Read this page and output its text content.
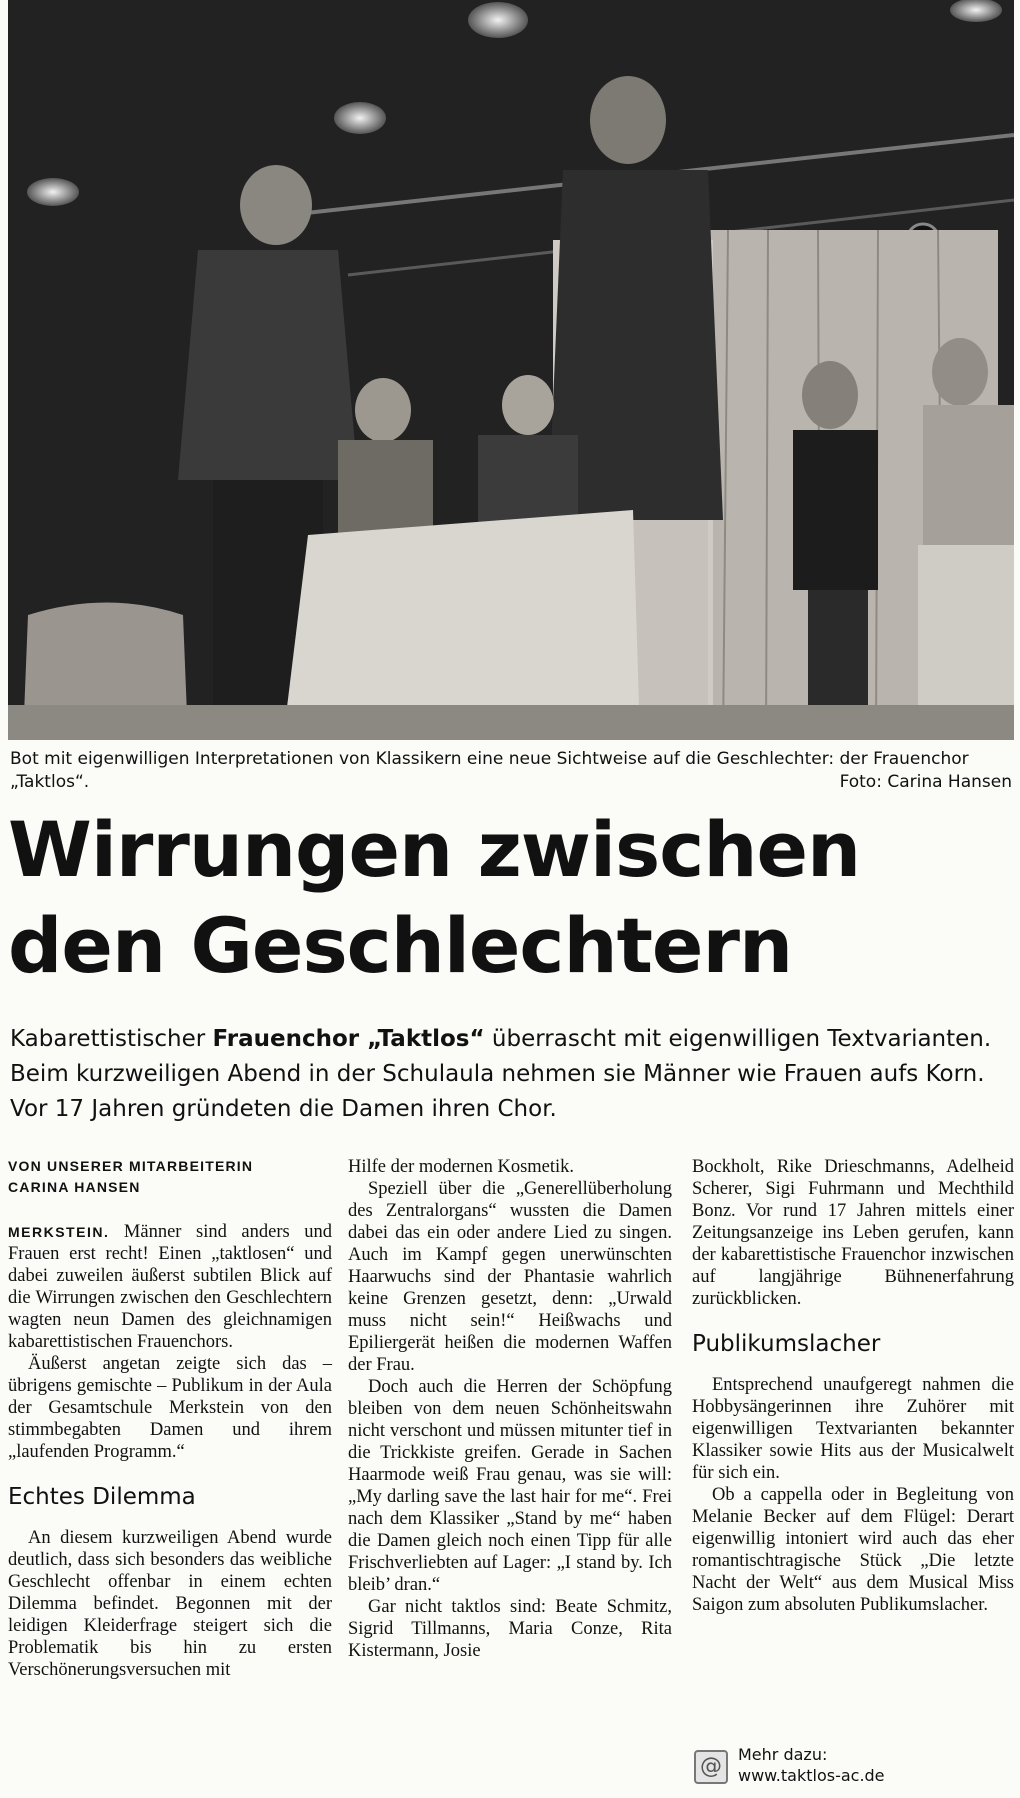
Bot mit eigenwilligen Interpretationen von Klassikern eine neue Sichtweise auf die Geschlechter: der Frauenchor „Taktlos“.	Foto: Carina Hansen
Wirrungen zwischen
den Geschlechtern
Kabarettistischer Frauenchor „Taktlos“ überrascht mit eigenwilligen Textvarianten. Beim kurzweiligen Abend in der Schulaula nehmen sie Männer wie Frauen aufs Korn. Vor 17 Jahren gründeten die Damen ihren Chor.
VON UNSERER MITARBEITERIN
CARINA HANSEN

MERKSTEIN. Männer sind anders und Frauen erst recht! Einen „taktlosen“ und dabei zuweilen äußerst subtilen Blick auf die Wirrungen zwischen den Geschlechtern wagten neun Damen des gleichnamigen kabarettistischen Frauenchors.

Äußerst angetan zeigte sich das – übrigens gemischte – Publikum in der Aula der Gesamtschule Merkstein von den stimmbegabten Damen und ihrem „laufenden Programm.“

Echtes Dilemma

An diesem kurzweiligen Abend wurde deutlich, dass sich besonders das weibliche Geschlecht offenbar in einem echten Dilemma befindet. Begonnen mit der leidigen Kleiderfrage steigert sich die Problematik bis hin zu ersten Verschönerungsversuchen mit

Hilfe der modernen Kosmetik.

Speziell über die „Generellüberholung des Zentralorgans“ wussten die Damen dabei das ein oder andere Lied zu singen. Auch im Kampf gegen unerwünschten Haarwuchs sind der Phantasie wahrlich keine Grenzen gesetzt, denn: „Urwald muss nicht sein!“ Heißwachs und Epiliergerät heißen die modernen Waffen der Frau.

Doch auch die Herren der Schöpfung bleiben von dem neuen Schönheitswahn nicht verschont und müssen mitunter tief in die Trickkiste greifen. Gerade in Sachen Haarmode weiß Frau genau, was sie will: „My darling save the last hair for me“. Frei nach dem Klassiker „Stand by me“ haben die Damen gleich noch einen Tipp für alle Frischverliebten auf Lager: „I stand by. Ich bleib’ dran.“

Gar nicht taktlos sind: Beate Schmitz, Sigrid Tillmanns, Maria Conze, Rita Kistermann, Josie

Bockholt, Rike Drieschmanns, Adelheid Scherer, Sigi Fuhrmann und Mechthild Bonz. Vor rund 17 Jahren mittels einer Zeitungsanzeige ins Leben gerufen, kann der kabarettistische Frauenchor inzwischen auf langjährige Bühnenerfahrung zurückblicken.

Publikumslacher

Entsprechend unaufgeregt nahmen die Hobbysängerinnen ihre Zuhörer mit eigenwilligen Textvarianten bekannter Klassiker sowie Hits aus der Musicalwelt für sich ein.

Ob a cappella oder in Begleitung von Melanie Becker auf dem Flügel: Derart eigenwillig intoniert wird auch das eher romantischtragische Stück „Die letzte Nacht der Welt“ aus dem Musical Miss Saigon zum absoluten Publikumslacher.

@	Mehr dazu:
www.taktlos-ac.de
